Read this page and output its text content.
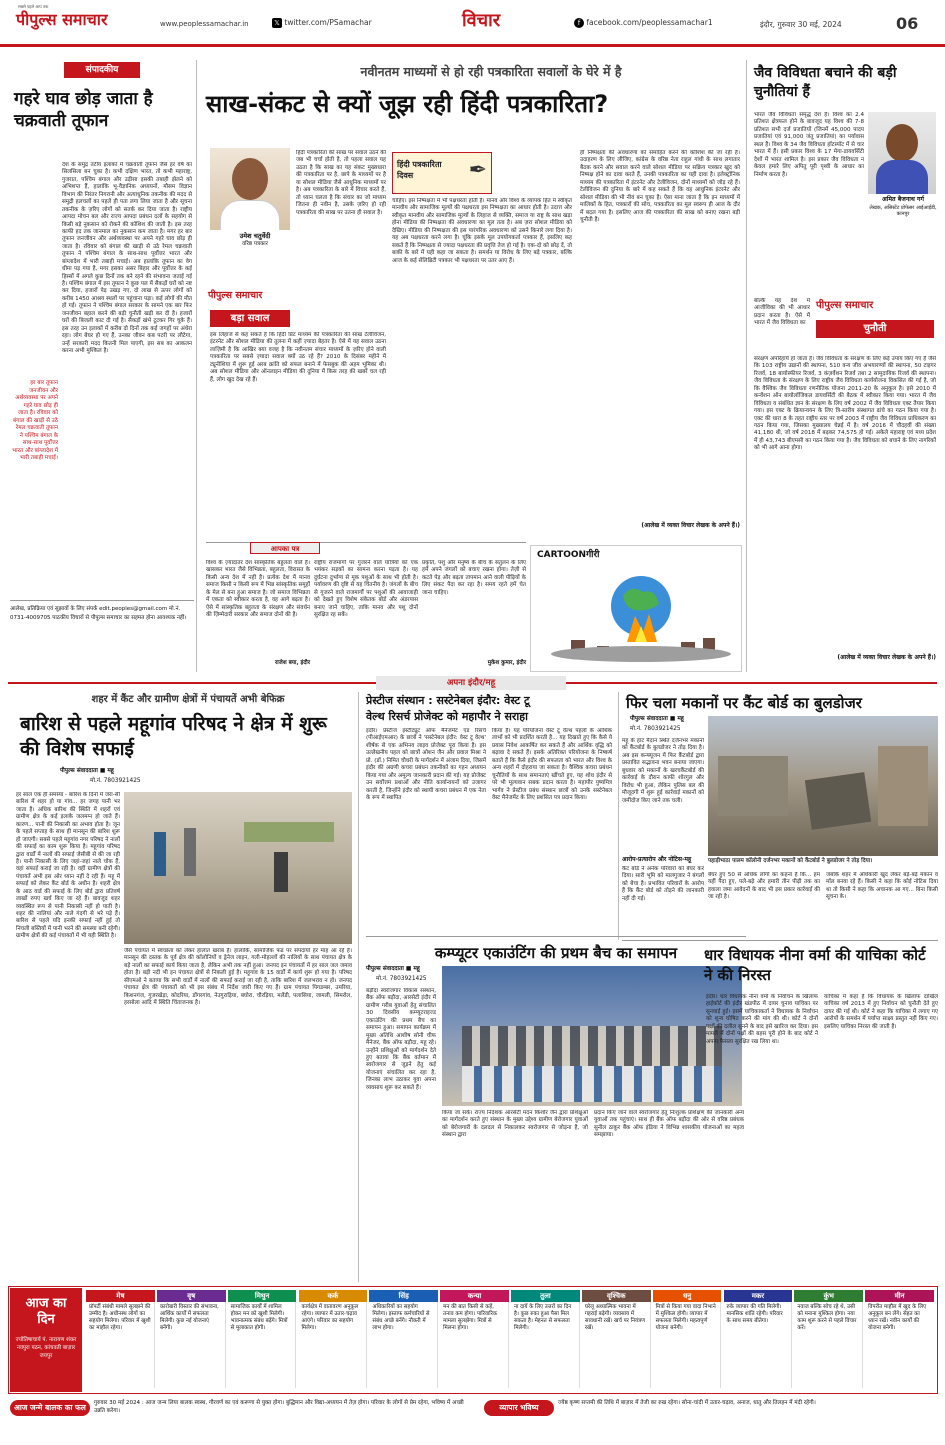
पीपुल्स समाचार
सबसे पहले आप तक
www.peoplessamachar.in	𝕏 twitter.com/PSamachar	विचार	f facebook.com/peoplessamachar1	इंदौर, गुरुवार 30 मई, 2024	06
संपादकीय
गहरे घाव छोड़ जाता है चक्रवाती तूफान
देश के समुद्र तटीय इलाकों में चक्रवाती तूफान जैसे हर वर्ष का सिलसिला बन चुका है। कभी दक्षिण भारत, तो कभी महाराष्ट्र, गुजरात, पश्चिम बंगाल और उड़ीसा इसकी तबाही झेलने को अभिशप्त हैं, हालांकि भू-वैज्ञानिक अध्ययनों, मौसम विज्ञान विभाग की निरंतर निगरानी और अत्याधुनिक तकनीक की मदद से समुद्री हलचलों का पहले ही पता लगा लिया जाता है और सूचना तकनीक के ज़रिए लोगों को सतर्क कर दिया जाता है। राष्ट्रीय आपदा मोचन बल और राज्य आपदा प्रबंधन दलों के सहयोग से किसी बड़े नुकसान को रोकने की कोशिश की जाती है। इस तरह काफी हद तक जानमाल का नुकसान कम जाता है। मगर हर बार तूफान जनजीवन और अर्थव्यवस्था पर अपने गहरे घाव छोड़ ही जाता है। रविवार को बंगाल की खाड़ी से उठे रेमल चक्रवाती तूफान ने पश्चिम बंगाल के साथ-साथ पूर्वोत्तर भारत और बांग्लादेश में भारी तबाही मचाई। अब हालांकि तूफान का वेग धीमा पड़ गया है, मगर इसका असर बिहार और पूर्वोत्तर के कई हिस्सों में अगले कुछ दिनों तक बने रहने की संभावना जताई गई है। पश्चिम बंगाल में इस तूफान ने कुछ पल में सैकड़ों घरों को नष्ट कर दिया, हजारों पेड़ उखड़ गए, दो लाख से ऊपर लोगों को करीब 1450 आश्रय स्थलों पर पहुंचाना पड़ा। कई लोगों की मौत हो गई। तूफान ने पश्चिम बंगाल सरकार के सामने एक बार फिर जनजीवन बहाल करने की बड़ी चुनौती खड़ी कर दी है। हजारों घरों की बिजली काट दी गई है। सैकड़ों खंभे टूटकर गिर चुके हैं। इस तरह उन इलाकों में करीब दो दिनों तक कई जगहों पर अंधेरा रहा। लोग बेघर हो गए हैं, उनका जीवन कब पटरी पर लौटेगा, उन्हें सरकारी मदद कितनी मिल पाएगी, इस सब का आकलन करना अभी मुश्किल है।
हर बार तूफान जनजीवन और अर्थव्यवस्था पर अपने गहरे घाव छोड़ ही जाता है। रविवार को बंगाल की खाड़ी से उठे रेमल चक्रवाती तूफान ने पश्चिम बंगाल के साथ-साथ पूर्वोत्तर भारत और बांग्लादेश में भारी तबाही मचाई।
आलेख, प्रतिक्रिया एवं सुझावों के लिए संपर्क edit.peoples@gmail.com मो.नं. 0731-4009705 पाठकीय विचारों से पीपुल्स समाचार का सहमत होना आवश्यक नहीं।
नवीनतम माध्यमों से हो रही पत्रकारिता सवालों के घेरे में है
साख-संकट से क्यों जूझ रही हिंदी पत्रकारिता?
उमेश चतुर्वेदी
वरिष्ठ पत्रकार
पीपुल्स समाचार
बड़ा सवाल
हिंदी पत्रकारिता की साख पर सवाल उठने की जब भी चर्चा होती है, तो पहला सवाल यह उठता है कि साख का यह संकट मुख्यधारा की पत्रकारिता पर है, छापे के माध्यमों पर है या सोशल मीडिया जैसे आधुनिक माध्यमों पर है। अब पत्रकारिता के बारे में विचार करते हैं, तो ध्यान चलता है कि संचार का जो माध्यम जितना ही नवीन है, उसके ज़रिए हो रही पत्रकारिता की साख पर उतना ही सवाल है।
इस लिहाज से कह सकते हैं कि हिंदी प्रिंट माध्यम की पत्रकारिता की साख टेलीविजन, इंटरनेट और सोशल मीडिया की तुलना में कहीं ज़्यादा बेहतर है। ऐसे में यह सवाल उठना लाज़िमी है कि आखिर क्या वजह है कि नवीनतम संचार माध्यमों के ज़रिए होने वाली पत्रकारिता पर सबसे ज़्यादा सवाल क्यों उठ रहे हैं? 2010 के दिसंबर महीने में ट्यूनीशिया में शुरू हुई अरब क्रांति को सफल बनाने में फेसबुक की अहम भूमिका थी। अब सोशल मीडिया और ऑनलाइन मीडिया की दुनिया में किस तरह की खबरें चल रही हैं, लोग खुद देख रहे हैं।
हिंदी पत्रकारिता दिवस	✒
चाहिए। इस निष्पक्षता में भी पक्षधरता होती है। मानव और विश्व के व्यापक हित में स्वीकृत मानवीय और सामाजिक मूल्यों की पक्षधरता इस निष्पक्षता का आधार होती है। उदात्त और स्वीकृत मानवीय और सामाजिक मूल्यों के लिहाज से व्यक्ति, समाज या राष्ट्र के साथ खड़ा होना मीडिया की निष्पक्षता की अवधारणा का मूल तत्व है। अब ज़रा सोशल मीडिया को देखिए। मीडिया की निष्पक्षता की इस पारंपरिक अवधारणा को उसने किनारे लगा दिया है। यह अब पक्षधरता करने लगा है। चूंकि इसके मूल उपयोगकर्ता पत्रकार हैं, इसलिए कह सकते हैं कि निष्पक्षता से ज्यादा पक्षधरता की प्रवृत्ति तेज हो गई है। एक-दो को छोड़ दें, तो बाकी के बारे में यही कहा जा सकता है। समर्थन या विरोध के लिए बड़े पत्रकार, बल्कि आज के कई सेलिब्रिटी पत्रकार भी पक्षधरता पर उतर आए हैं।
ही निष्पक्षता की अवधारणा को समाहित करने की कोशिश की जा रही है। उदाहरण के लिए लीजिए, कांग्रेस के वरिष्ठ नेता राहुल गांधी के साथ लगातार बैठक करने और सवाल करने वाले सोशल मीडिया पर सक्रिय पत्रकार खुद को निष्पक्ष होने का दावा करते हैं, उनकी पत्रकारिता का यही दावा है। इलेक्ट्रॉनिक माध्यम की पत्रकारिता में इंटरनेट और टेलीविजन, दोनों माध्यमों को जोड़ रहे हैं। टेलीविजन की दुनिया के बारे में कह सकते हैं कि वह आधुनिक इंटरनेट और सोशल मीडिया की भी नीवं बन चुका है। ऐसा माना जाता है कि इन माध्यमों में मालिकों के हित, पत्रकारों की सोच, पत्रकारिता का मूल स्वरूप ही आज के दौर में बदल गया है। इसलिए आज की पत्रकारिता की साख को बनाए रखना बड़ी चुनौती है।
(आलेख में व्यक्त विचार लेखक के अपने हैं।)
आपका पत्र
विश्व के ज़्यादातर देश सांस्कृतिक बहुलता वाले हैं। खासकर भारत जैसे विभिन्नता, बहुलता, विरासत के किसी अन्य देश में नहीं है। प्रत्येक देश में मानव समाज किसी न किसी रूप में भिन्न सांस्कृतिक समूहों के मेल से बना हुआ समाज है। जो समाज विभिन्नता में एकता को स्वीकार करता है, वह आगे बढ़ता है। ऐसे में सांस्कृतिक बहुलता के संरक्षण और संवर्धन की ज़िम्मेदारी सरकार और समाज दोनों की है।
राजेश बया, इंदौर
राष्ट्रीय राजमार्गों पर गुजरने वाले यात्रियों को एक भयंकर सड़कों का सामना करना पड़ता है। यह दुर्घटना दुर्भाग्य से मूक पशुओं के साथ भी होती है। पर्यावरण की दृष्टि से यह चिंतनीय है। जंगलों के बीच से गुजरने वाले राजमार्गों पर पशुओं की आवाजाही को देखते हुए विशेष संकेतक बोर्ड और अंडरपास बनाए जाने चाहिए, ताकि मानव और पशु दोनों सुरक्षित रह सकें।
प्रकृति, पशु और मनुष्य के बीच के संतुलन के लिए हमें अपने जंगलों को बचाए रखना होगा। तेज़ी से कटते पेड़ और बढ़ता तापमान आने वाली पीढ़ियों के लिए संकट पैदा कर रहा है। समय रहते हमें चेत जाना चाहिए।
मुकेश कुमार, इंदौर
CARTOONगीरी
जैव विविधता बचाने की बड़ी चुनौतियां हैं
भारत जैव विविधता समृद्ध देश है। विश्व का 2.4 प्रतिशत क्षेत्रफल होने के बावजूद यह विश्व की 7-8 प्रतिशत सभी दर्ज प्रजातियों (जिनमें 45,000 पादप प्रजातियां एवं 91,000 जंतु प्रजातियां) का पर्यावास स्थल है। विश्व के 34 जैव विविधता हॉटस्पॉट में से चार भारत में हैं। इसी प्रकार विश्व के 17 मेगा-डायवर्सिटी देशों में भारत शामिल है। इस प्रकार जैव विविधता न केवल हमारे लिए अपितु पूरी पृथ्वी के आधार का निर्माण करता है।
अमित बैजनाथ गर्ग
लेखक, असिस्टेंट प्रोफेसर आईआईडी, कानपुर
बल्कि यह देश में आजीविका की भी आधार प्रदान करता है। ऐसे में भारत में जैव विविधता का
पीपुल्स समाचार
चुनौती
संरक्षण अपरिहार्य हो जाता है। जैव विविधता के संरक्षण के लिए कई उपाय किए गए हैं जैसे कि 103 राष्ट्रीय उद्यानों की स्थापना, 510 वन्य जीव अभयारण्यों की स्थापना, 50 टाइगर रिजर्व, 18 बायोस्फीयर रिजर्व, 3 कंज़र्वेशन रिजर्व तथा 2 सामुदायिक रिजर्व की स्थापना। जैव विविधता के संरक्षण के लिए राष्ट्रीय जैव विविधता कार्ययोजना विकसित की गई है, जो कि वैश्विक जैव विविधता रणनीतिक योजना 2011-20 के अनुकूल है। इसे 2010 में कन्वेंशन ऑन बायोलॉजिकल डायवर्सिटी की बैठक में स्वीकार किया गया। भारत में जैव विविधता व संबंधित ज्ञान के संरक्षण के लिए वर्ष 2002 में जैव विविधता एक्ट तैयार किया गया। इस एक्ट के क्रियान्वयन के लिए त्रि-स्तरीय संस्थागत ढांचे का गठन किया गया है। एक्ट की धारा 8 के तहत राष्ट्रीय स्तर पर वर्ष 2003 में राष्ट्रीय जैव विविधता प्राधिकरण का गठन किया गया, जिसका मुख्यालय चेन्नई में है। वर्ष 2016 में चौदहवीं की संख्या 41,180 थी, जो वर्ष 2018 में बढ़कर 74,575 हो गई। अकेले महाराष्ट्र एवं मध्य प्रदेश में ही 43,743 बीएमसी का गठन किया गया है। जैव विविधता को बचाने के लिए नागरिकों को भी आगे आना होगा।
(आलेख में व्यक्त विचार लेखक के अपने हैं।)
अपना इंदौर/महू
शहर में कैंट और ग्रामीण क्षेत्रों में पंचायतें अभी बेफिक्र
बारिश से पहले महूगांव परिषद ने क्षेत्र में शुरू की विशेष सफाई
पीपुल्स संवाददाता ■ महू
मो.नं. 7803921425
हर साल एक ही समस्या - बारिश के दिनों में जरा-सी बारिश में शहर हो या गांव... हर जगह पानी भर जाता है। अधिक बारिश की स्थिति में शहरों एवं ग्रामीण क्षेत्र के कई इलाके जलमग्न हो जाते हैं। कारण... पानी की निकासी का अभाव होता है। जून के पहले सप्ताह के साथ ही मानसून की बारिश शुरू हो जाएगी। सबसे पहले महूगांव नगर परिषद ने नालों की सफाई का काम शुरू किया है। महूगांव परिषद द्वारा वार्डों में नालों की सफाई जेसीबी से की जा रही है। पानी निकासी के लिए जहां-जहां नाले चोक हैं, वहां सफाई कराई जा रही है। वहीं ग्रामीण क्षेत्रों की पंचायतें अभी इस ओर ध्यान नहीं दे रही हैं। महू में सफाई को लेकर कैंट बोर्ड के अधीन है। शहरी क्षेत्र के आठ वार्ड की सफाई के लिए बोर्ड द्वारा प्रतिवर्ष लाखों रुपए खर्च किए जा रहे हैं। बावजूद शहर व्यवस्थित रूप से पानी निकासी नहीं हो पाती है। शहर की नालियां और नाले गंदगी से भरे पड़े हैं। बारिश से पहले यदि इनकी सफाई नहीं हुई तो निचली बस्तियों में पानी भरने की समस्या बनी रहेगी। ग्रामीण क्षेत्रों की कई पंचायतों में भी यही स्थिति है।
जैसे पंचायत में स्वच्छता को लेकर हालात खराब हैं। हालांकि, सामाजिक फंड पर संपदायों हर माह आ रहे हैं। मानसून की दस्तक के पूर्व क्षेत्र की कॉलोनियों व ड्रेनेज लाइन, गली-मोहल्लों की नालियों के साथ पंचायत क्षेत्र के बड़े नालों का सफाई कार्य किया जाता है, लेकिन अभी तक नहीं हुआ। जनपद इन पंचायतों में हर साल जल जमाव होता है। बड़ी नदी भी इन पंचायत क्षेत्रों से निकली हुई है। महूगांव के 15 वार्डों में कार्य शुरू हो गया है। परिषद सीएमओ ने बताया कि सभी वार्डों में नालों की सफाई कराई जा रही है, ताकि बारिश में जलभराव न हो। जनपद पंचायत क्षेत्र की पंचायतों को भी इस संबंध में निर्देश जारी किए गए हैं। ग्राम पंचायत पिगडम्बर, उमरिया, किशनगंज, गुजरखेड़ा, कोदरिया, डोंगरगांव, नेउगुराड़िया, बघोरा, चौरड़िया, मलेंडी, पलासिया, जामली, सिमरोल, हरसोला आदि में स्थिति चिंताजनक है।
प्रेस्टीज संस्थान : सस्टेनेबल इंदौर: वेस्ट टू
वेल्थ रिसर्च प्रोजेक्ट को महापौर ने सराहा
इंदौर। प्रेस्टीज इंस्टीट्यूट ऑफ मैनेजमेंट एंड रिसर्च (पीआईएमआर) के छात्रों ने 'सस्टेनेबल इंदौर: वेस्ट टू वेल्थ' शीर्षक से एक अभिनव लाइव प्रोजेक्ट पूरा किया है। इस उल्लेखनीय पहल को छात्रों ओशन जैन और प्रवाल मिश्रा ने प्रो. (डॉ.) निमित चौधरी के मार्गदर्शन में अंजाम दिया, जिसमें इंदौर की अग्रणी कचरा प्रबंधन तकनीकों का गहन अध्ययन किया गया और अमूल्य जानकारी प्रदान की गई। यह प्रोजेक्ट उन सर्वोत्तम प्रथाओं और नीति कार्यान्वयनों को उजागर करती है, जिन्होंने इंदौर को स्थायी कचरा प्रबंधन में एक नेता के रूप में स्थापित
किया है। यह परियोजना वेस्ट टू वेल्थ पहलों के आर्थिक लाभों को भी प्रदर्शित करती है... यह दिखाते हुए कि कैसे ये प्रयास निवेश आकर्षित कर सकते हैं और आर्थिक वृद्धि को बढ़ावा दे सकते हैं। इसके अतिरिक्त परियोजना के निष्कर्ष बताते हैं कि कैसे इंदौर की सफलता को भारत और विश्व के अन्य शहरों में दोहराया जा सकता है। वैश्विक कचरा प्रबंधन चुनौतियों के साथ समानताएं खींचते हुए, यह शोध इंदौर से परे भी मूल्यवान सबक प्रदान करता है। महापौर पुष्यमित्र भार्गव ने प्रेस्टीज प्रबंध संस्थान छात्रों को उनके सस्टेनेबल वेस्ट मैनेजमेंट के लिए प्रशंसित पत्र प्रदान किया।
कम्प्यूटर एकाउंटिंग की प्रथम बैच का समापन
पीपुल्स संवाददाता ■ महू
मो.नं. 7803921425
बड़ौदा स्वरोजगार विकास संस्थान, बैंक ऑफ बड़ौदा, आरसेटी इंदौर में ग्रामीण गरीब युवाओं हेतु संचालित 30 दिवसीय कम्प्यूटराइज्ड एकाउंटिंग की प्रथम बैच का समापन हुआ। समापन कार्यक्रम में मुख्य अतिथि आशीष सोनी चीफ मैनेजर, बैंक ऑफ बड़ौदा, महू रहे। उन्होंने प्रशिक्षुओं को मार्गदर्शन देते हुए बताया कि बैंक वर्तमान में स्वरोजगार से जुड़ने हेतु कई योजनाएं संचालित कर रहा है, जिनका लाभ उठाकर युवा अपना व्यवसाय शुरू कर सकते हैं।
किया जा सके। राज्य निदेशक आरसेटी मदन किशोर जैन द्वारा प्रशिक्षुओं का मार्गदर्शन करते हुए संस्थान के मुख्य उद्देश्य ग्रामीण बेरोजगार युवाओं को बेरोजगारी के दलदल से निकालकर स्वरोजगार से जोड़ना है, जो संस्थान द्वारा
प्रदान किए जाने वाले स्वरोजगार हेतु निःशुल्क प्रशिक्षण की जानकारी अन्य युवाओं तक पहुंचाएं। साथ ही बैंक ऑफ बड़ौदा की ओर से वरिष्ठ प्रबंधक सुनील ठाकुर बैंक ऑफ इंडिया ने विभिन्न शासकीय योजनाओं का महत्व समझाया।
फिर चला मकानों पर कैंट बोर्ड का बुलडोजर
पीपुल्स संवाददाता ■ महू
मो.नं. 7803921425
महू के हाट मैदान स्थित दर्जनभर मकानों को कैंटबोर्ड के बुलडोजर ने तोड़ दिया है। अब इस कन्फ्यूजन में फिर कैंटबोर्ड द्वारा प्रस्तावित सद्भावना भवन बनाया जाएगा। बुधवार को मकानों के खरचकैंटबोर्ड की कार्रवाई के दौरान काफी शोरगुल और विरोध भी हुआ, लेकिन पुलिस बल की मौजूदगी में शुरू हुई कार्रवाई मकानों को जमींदोज किए जाने तक चली।
आरोप-प्रत्यारोप और नोटिस-महू
कैंट बोर्ड ने अनेक परिवारों को बेघर कर दिया। सारी भूमि को मालगुजार ने बंगलों को बेचा है। प्रभावित परिवारों के आरोप हैं कि कैंट बोर्ड को तोड़ने की जानकारी नहीं दी गई।
पहाड़ीभाठा पालम कॉलोनी दर्जनभर मकानों को कैंटबोर्ड ने बुलडोजर ने तोड़ दिया।
बेघर हुए 50 से अधिक लोगों का कहना है कि... हम यहीं पैदा हुए, पले-बढ़े और हमारी तीन पीढ़ी तक का हवाला जमा आवेदनों के बाद भी इस प्रकार कार्रवाई की जा रही है।
जबकि शहर में अधिकारी खुद लेकर बड़े-बड़े मकान व मॉल बनवा रहे हैं। किसी ने कहा कि कोई नोटिस दिया था तो किसी ने कहा कि अचानक आ गए... बिना किसी सूचना के।
धार विधायक नीना वर्मा की याचिका कोर्ट ने की निरस्त
इंदौर। धार विधायक नीना वर्मा के निर्वाचन के खिलाफ हाईकोर्ट की इंदौर खंडपीठ में दायर चुनाव याचिका पर सुनवाई हुई। इसमें याचिकाकर्ता ने विधायक के निर्वाचन को शून्य घोषित करने की मांग की थी। कोर्ट ने दोनों पक्षों की दलील सुनने के बाद इसे खारिज कर दिया। इस मामले में दोनों पक्षों की बहस पूरी होने के बाद कोर्ट ने अपना फैसला सुरक्षित रख लिया था।
याचिका में कहा है कि विधायक के खिलाफ दाखिल याचिका वर्ष 2013 में हुए निर्वाचन को चुनौती देते हुए दायर की गई थी। कोर्ट ने कहा कि याचिका में लगाए गए आरोपों के समर्थन में पर्याप्त साक्ष्य प्रस्तुत नहीं किए गए। इसलिए याचिका निरस्त की जाती है।
आज का दिन
ज्योतिषाचार्य पं. नारायण शंकर नवपुरा पठन, कांचवती बाज़ार जयपुर
मेष
प्रॉपर्टी संबंधी मामले सुलझने की उम्मीद है। अधीनस्थ लोगों का सहयोग मिलेगा। परिवार में खुशी का माहौल रहेगा।
वृष
कारोबारी विस्तार की संभावना, आर्थिक कार्यों में सफलता मिलेगी। कुछ नई योजनाएं बनेंगी।
मिथुन
सामाजिक कार्यों में शामिल होकर मन को खुशी मिलेगी। भावनात्मक संबंध बढ़ेंगे। मित्रों से मुलाकात होगी।
कर्क
कार्यक्षेत्र में वातावरण अनुकूल रहेगा। व्यापार में उतार-चढ़ाव आएंगे। परिवार का सहयोग मिलेगा।
सिंह
अधिकारियों का सहयोग मिलेगा। इस्ताफ कर्मचारियों से संबंध अच्छे बनेंगे। नौकरी में लाभ होगा।
कन्या
मन की बात किसी से कहें, तनाव कम होगा। पारिवारिक मामला सुलझेगा। मित्रों से मिलना होगा।
तुला
ना दायें के लिए उत्तरों का दिन है। कुछ रुका हुआ पैसा मिल सकता है। मेहनत से सफलता मिलेगी।
वृश्चिक
घरेलू अध्यात्मिक भावना में गहराई बढ़ेगी। व्यवसाय में सावधानी रखें। खर्च पर नियंत्रण रखें।
धनु
मित्रों से किया गया वादा निभाने में मुश्किल होगी। व्यापार में सफलता मिलेगी। महत्वपूर्ण योजना बनेगी।
मकर
रुके व्यापार की गति मिलेगी। मानसिक शांति रहेगी। परिवार के साथ समय बीतेगा।
कुंभ
नवाज बल्कि सोच रहे थे, उसी को मनाना मुश्किल होगा। नया काम शुरू करने से पहले विचार करें।
मीन
विपरीत माहौल में खुद के लिए अनुकूल बन लेंगे। सेहत का ध्यान रखें। नवीन कार्यों की योजना बनेगी।
आज जन्मे बालक का फल	गुरुवार 30 मई 2024 : आज जन्म लिया बालक स्वस्थ, गौरवर्ण का एवं करूणा से युक्त होगा। बुद्धिमान और विद्या-अध्ययन में तेज़ होगा। परिवार के लोगों से प्रेम रहेगा, भविष्य में अच्छी उन्नति करेगा।	व्यापार भविष्य	ज्येष्ठ कृष्ण सप्तमी की तिथि में बाज़ार में तेजी का रुख रहेगा। सोना-चांदी में उतार-चढ़ाव, अनाज, धातु और तिलहन में मंदी रहेगी।
